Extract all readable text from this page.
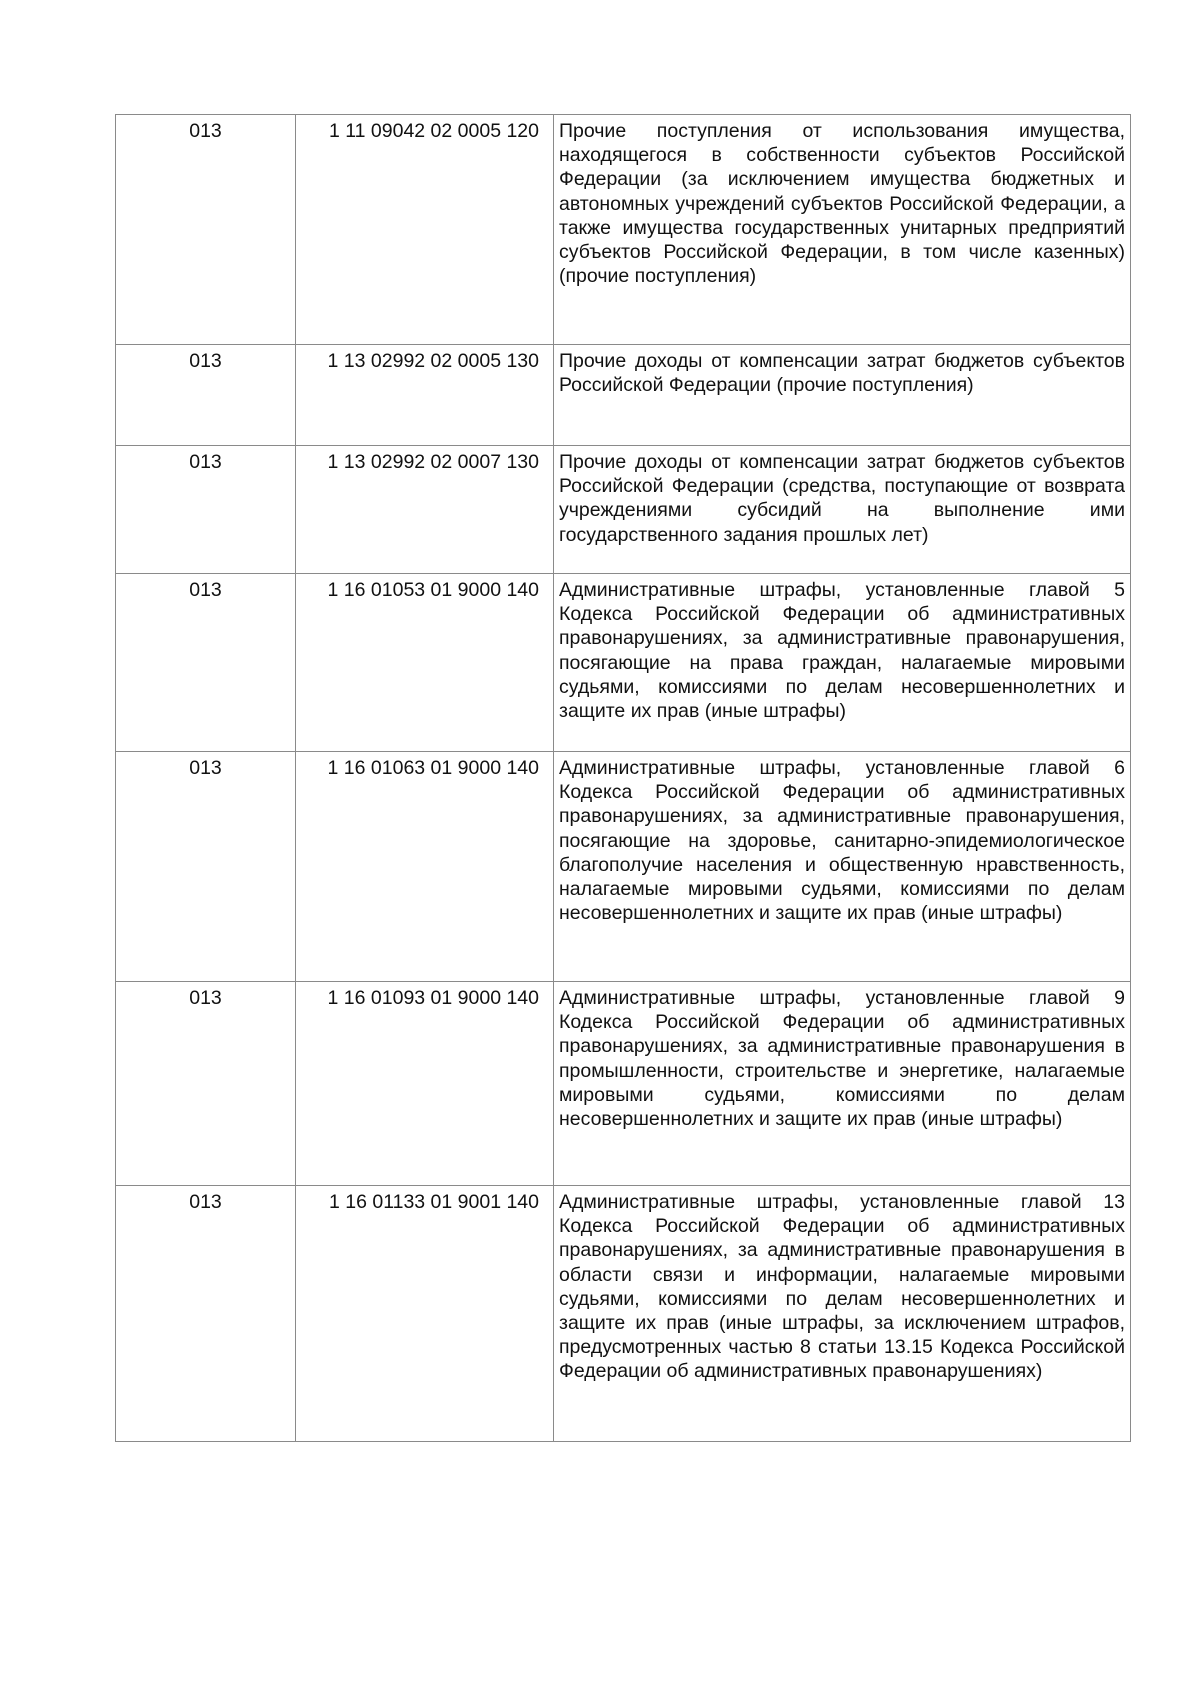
013	1 11 09042 02 0005 120	Прочие поступления от использования имущества, находящегося в собственности субъектов Российской Федерации (за исключением имущества бюджетных и автономных учреждений субъектов Российской Федерации, а также имущества государственных унитарных предприятий субъектов Российской Федерации, в том числе казенных) (прочие поступления)
013	1 13 02992 02 0005 130	Прочие доходы от компенсации затрат бюджетов субъектов Российской Федерации (прочие поступления)
013	1 13 02992 02 0007 130	Прочие доходы от компенсации затрат бюджетов субъектов Российской Федерации (средства, поступающие от возврата учреждениями субсидий на выполнение ими государственного задания прошлых лет)
013	1 16 01053 01 9000 140	Административные штрафы, установленные главой 5 Кодекса Российской Федерации об административных правонарушениях, за административные правонарушения, посягающие на права граждан, налагаемые мировыми судьями, комиссиями по делам несовершеннолетних и защите их прав (иные штрафы)
013	1 16 01063 01 9000 140	Административные штрафы, установленные главой 6 Кодекса Российской Федерации об административных правонарушениях, за административные правонарушения, посягающие на здоровье, санитарно-эпидемиологическое благополучие населения и общественную нравственность, налагаемые мировыми судьями, комиссиями по делам несовершеннолетних и защите их прав (иные штрафы)
013	1 16 01093 01 9000 140	Административные штрафы, установленные главой 9 Кодекса Российской Федерации об административных правонарушениях, за административные правонарушения в промышленности, строительстве и энергетике, налагаемые мировыми судьями, комиссиями по делам несовершеннолетних и защите их прав (иные штрафы)
013	1 16 01133 01 9001 140	Административные штрафы, установленные главой 13 Кодекса Российской Федерации об административных правонарушениях, за административные правонарушения в области связи и информации, налагаемые мировыми судьями, комиссиями по делам несовершеннолетних и защите их прав (иные штрафы, за исключением штрафов, предусмотренных частью 8 статьи 13.15 Кодекса Российской Федерации об административных правонарушениях)
